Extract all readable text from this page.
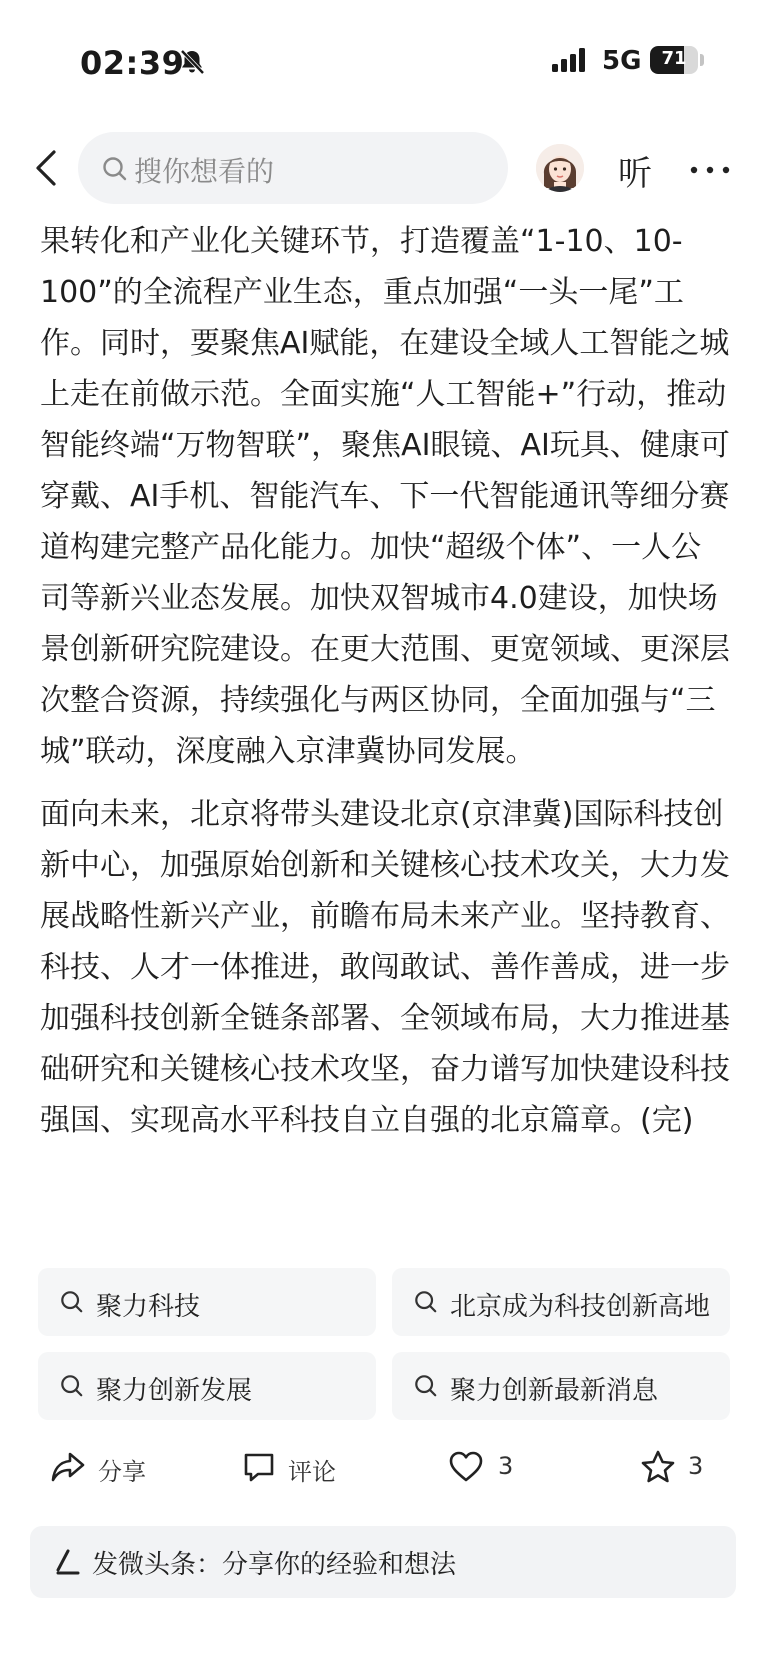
02:39	5G	71
搜你想看的	听

果转化和产业化关键环节，打造覆盖“1-10、10-100”的全流程产业生态，重点加强“一头一尾”工作。同时，要聚焦AI赋能，在建设全域人工智能之城上走在前做示范。全面实施“人工智能+”行动，推动智能终端“万物智联”，聚焦AI眼镜、AI玩具、健康可穿戴、AI手机、智能汽车、下一代智能通讯等细分赛道构建完整产品化能力。加快“超级个体”、一人公司等新兴业态发展。加快双智城市4.0建设，加快场景创新研究院建设。在更大范围、更宽领域、更深层次整合资源，持续强化与两区协同，全面加强与“三城”联动，深度融入京津冀协同发展。

面向未来，北京将带头建设北京(京津冀)国际科技创新中心，加强原始创新和关键核心技术攻关，大力发展战略性新兴产业，前瞻布局未来产业。坚持教育、科技、人才一体推进，敢闯敢试、善作善成，进一步加强科技创新全链条部署、全领域布局，大力推进基础研究和关键核心技术攻坚，奋力谱写加快建设科技强国、实现高水平科技自立自强的北京篇章。(完)

聚力科技	北京成为科技创新高地
聚力创新发展	聚力创新最新消息
分享	评论	3	3
发微头条：分享你的经验和想法
